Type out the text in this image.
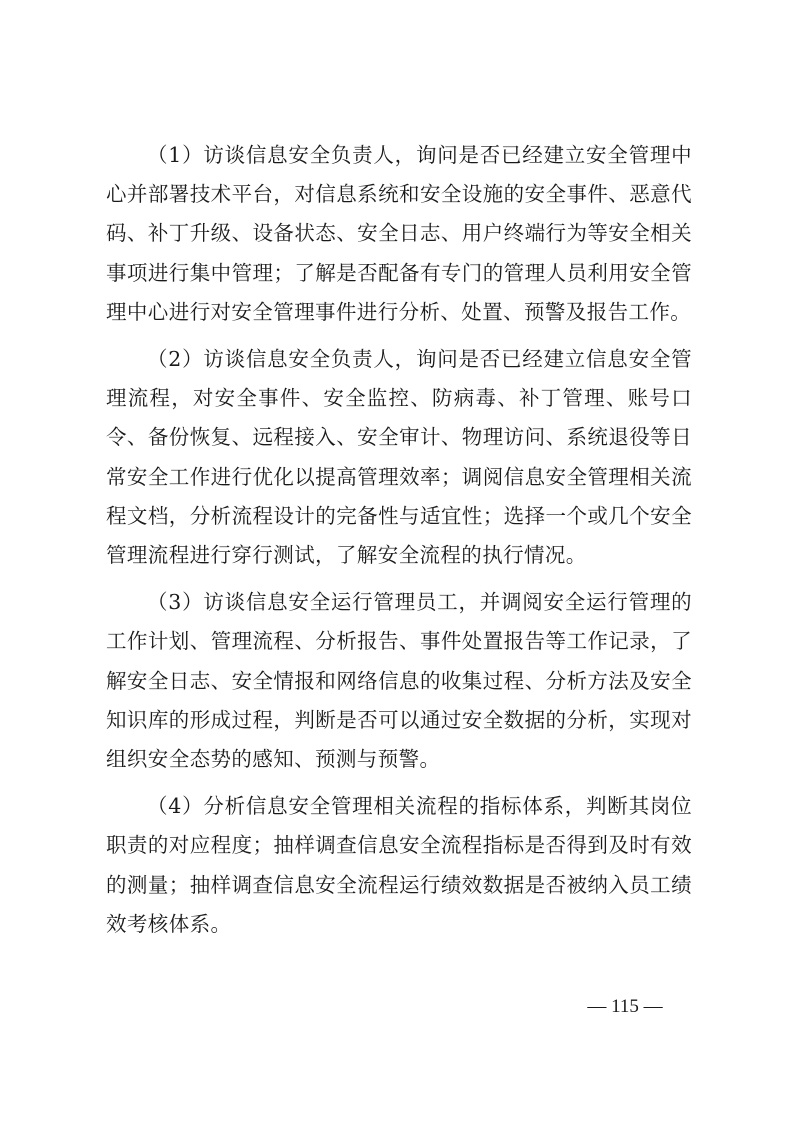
（1）访谈信息安全负责人，询问是否已经建立安全管理中心并部署技术平台，对信息系统和安全设施的安全事件、恶意代码、补丁升级、设备状态、安全日志、用户终端行为等安全相关事项进行集中管理；了解是否配备有专门的管理人员利用安全管理中心进行对安全管理事件进行分析、处置、预警及报告工作。

（2）访谈信息安全负责人，询问是否已经建立信息安全管理流程，对安全事件、安全监控、防病毒、补丁管理、账号口令、备份恢复、远程接入、安全审计、物理访问、系统退役等日常安全工作进行优化以提高管理效率；调阅信息安全管理相关流程文档，分析流程设计的完备性与适宜性；选择一个或几个安全管理流程进行穿行测试，了解安全流程的执行情况。

（3）访谈信息安全运行管理员工，并调阅安全运行管理的工作计划、管理流程、分析报告、事件处置报告等工作记录，了解安全日志、安全情报和网络信息的收集过程、分析方法及安全知识库的形成过程，判断是否可以通过安全数据的分析，实现对组织安全态势的感知、预测与预警。

（4）分析信息安全管理相关流程的指标体系，判断其岗位职责的对应程度；抽样调查信息安全流程指标是否得到及时有效的测量；抽样调查信息安全流程运行绩效数据是否被纳入员工绩效考核体系。

— 115 —
